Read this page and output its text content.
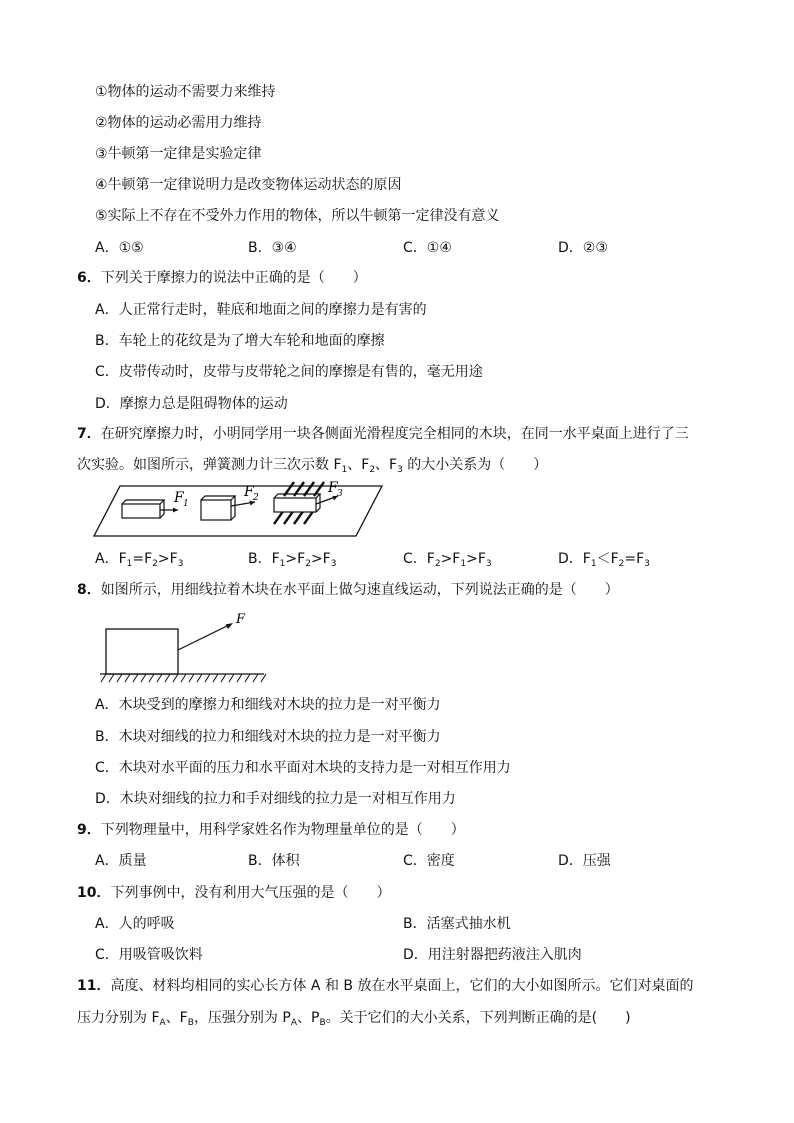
①物体的运动不需要力来维持
②物体的运动必需用力维持
③牛顿第一定律是实验定律
④牛顿第一定律说明力是改变物体运动状态的原因
⑤实际上不存在不受外力作用的物体，所以牛顿第一定律没有意义
A．①⑤	B．③④	C．①④	D．②③
6．下列关于摩擦力的说法中正确的是（　　）
A．人正常行走时，鞋底和地面之间的摩擦力是有害的
B．车轮上的花纹是为了增大车轮和地面的摩擦
C．皮带传动时，皮带与皮带轮之间的摩擦是有售的，毫无用途
D．摩擦力总是阻碍物体的运动
7．在研究摩擦力时，小明同学用一块各侧面光滑程度完全相同的木块，在同一水平桌面上进行了三
次实验。如图所示，弹簧测力计三次示数 $F_1$、$F_2$、$F_3$ 的大小关系为（　　）
F 1
F 2
F 3
A．$F_1=F_2>F_3$	B．$F_1>F_2>F_3$	C．$F_2>F_1>F_3$	D．$F_1<F_2=F_3$
8．如图所示，用细线拉着木块在水平面上做匀速直线运动，下列说法正确的是（　　）
F
A．木块受到的摩擦力和细线对木块的拉力是一对平衡力
B．木块对细线的拉力和细线对木块的拉力是一对平衡力
C．木块对水平面的压力和水平面对木块的支持力是一对相互作用力
D．木块对细线的拉力和手对细线的拉力是一对相互作用力
9．下列物理量中，用科学家姓名作为物理量单位的是（　　）
A．质量	B．体积	C．密度	D．压强
10．下列事例中，没有利用大气压强的是（　　）
A．人的呼吸	B．活塞式抽水机
C．用吸管吸饮料	D．用注射器把药液注入肌肉
11．高度、材料均相同的实心长方体 A 和 B 放在水平桌面上，它们的大小如图所示。它们对桌面的
压力分别为 $F_A$、$F_B$，压强分别为 $P_A$、$P_B$。关于它们的大小关系，下列判断正确的是(　　)
